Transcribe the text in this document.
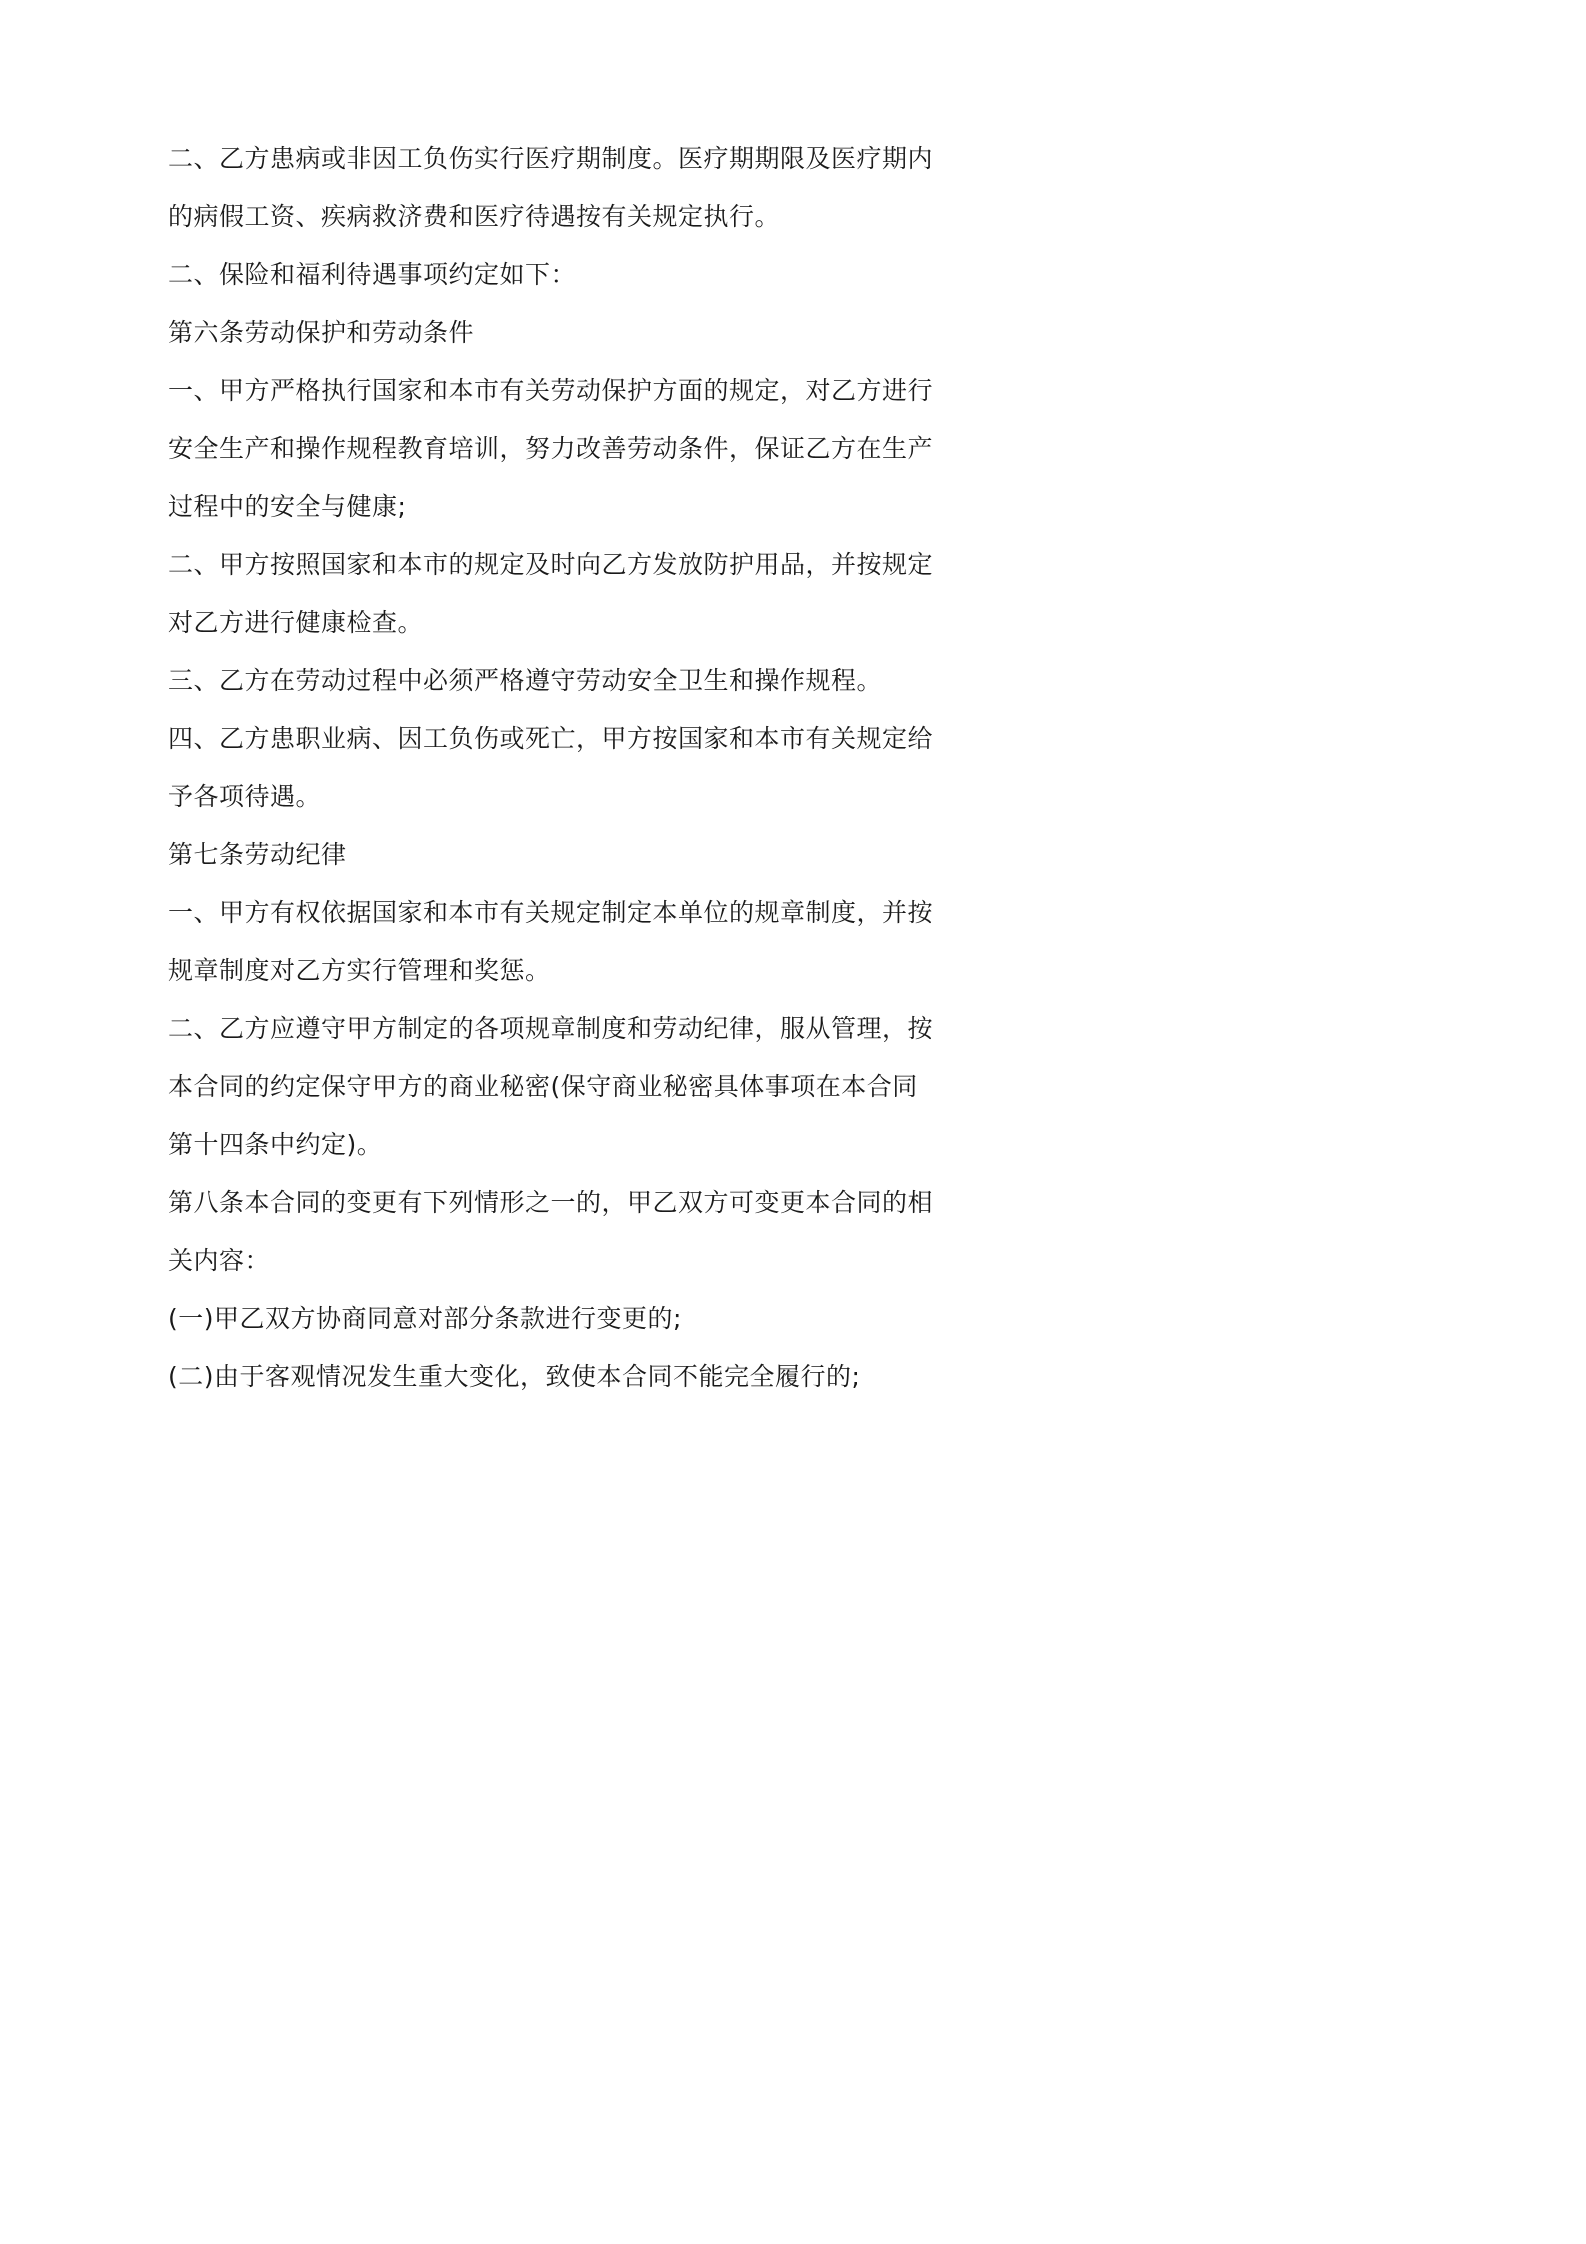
二、乙方患病或非因工负伤实行医疗期制度。医疗期期限及医疗期内
的病假工资、疾病救济费和医疗待遇按有关规定执行。
二、保险和福利待遇事项约定如下：
第六条劳动保护和劳动条件
一、甲方严格执行国家和本市有关劳动保护方面的规定，对乙方进行
安全生产和操作规程教育培训，努力改善劳动条件，保证乙方在生产
过程中的安全与健康;
二、甲方按照国家和本市的规定及时向乙方发放防护用品，并按规定
对乙方进行健康检查。
三、乙方在劳动过程中必须严格遵守劳动安全卫生和操作规程。
四、乙方患职业病、因工负伤或死亡，甲方按国家和本市有关规定给
予各项待遇。
第七条劳动纪律
一、甲方有权依据国家和本市有关规定制定本单位的规章制度，并按
规章制度对乙方实行管理和奖惩。
二、乙方应遵守甲方制定的各项规章制度和劳动纪律，服从管理，按
本合同的约定保守甲方的商业秘密(保守商业秘密具体事项在本合同
第十四条中约定)。
第八条本合同的变更有下列情形之一的，甲乙双方可变更本合同的相
关内容：
(一)甲乙双方协商同意对部分条款进行变更的;
(二)由于客观情况发生重大变化，致使本合同不能完全履行的;
